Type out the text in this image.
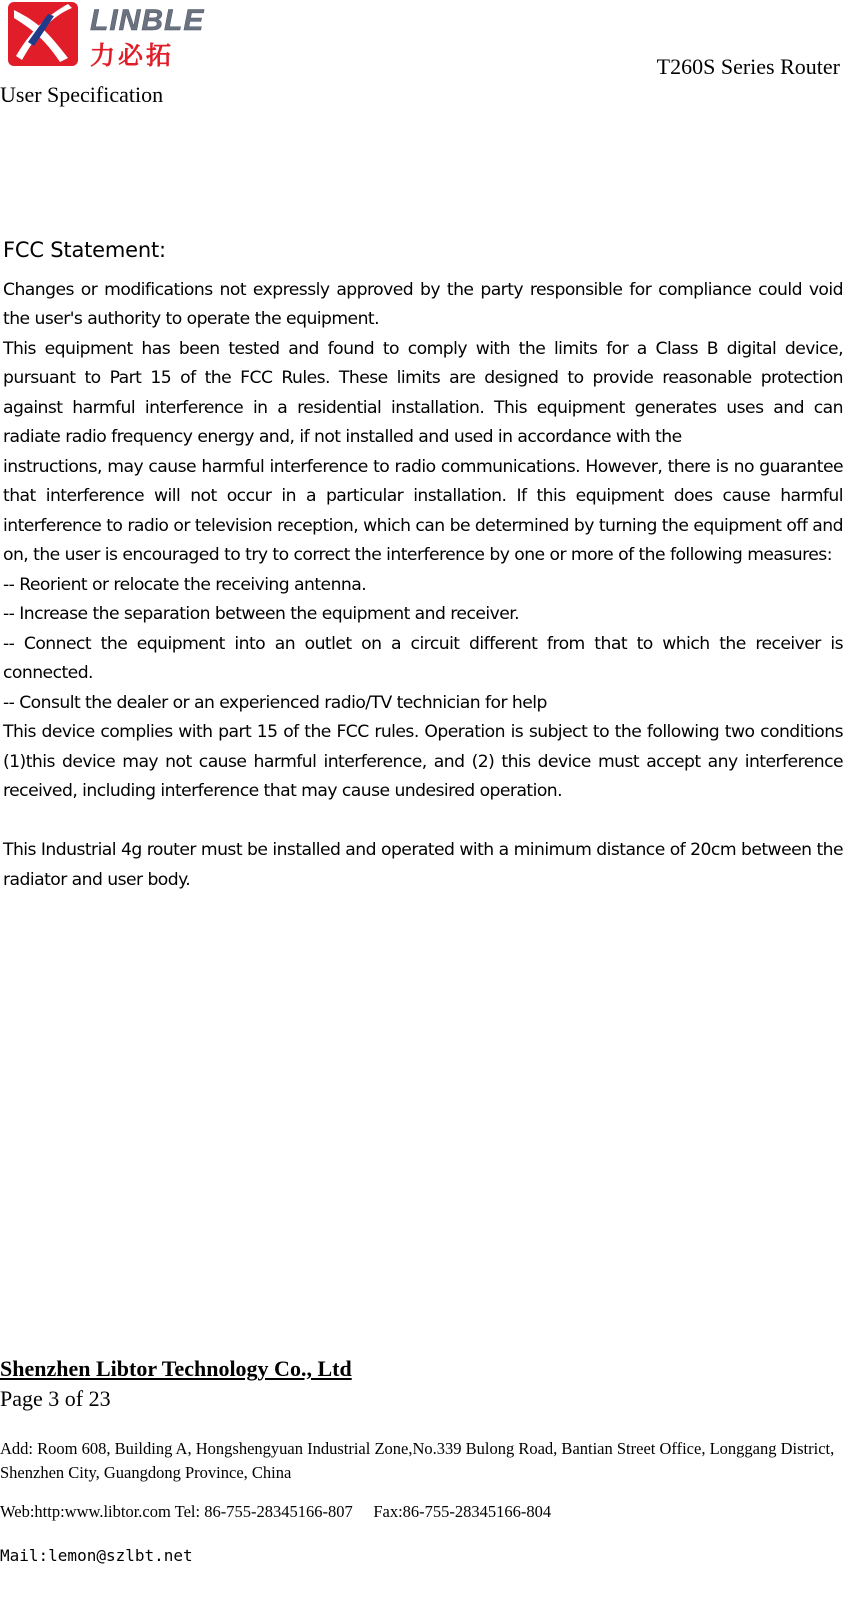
LINBLE
力必拓	T260S Series Router
User Specification
FCC Statement:

Changes or modifications not expressly approved by the party responsible for compliance could void the user's authority to operate the equipment.

This equipment has been tested and found to comply with the limits for a Class B digital device, pursuant to Part 15 of the FCC Rules. These limits are designed to provide reasonable protection against harmful interference in a residential installation. This equipment generates uses and can radiate radio frequency energy and, if not installed and used in accordance with the

instructions, may cause harmful interference to radio communications. However, there is no guarantee that interference will not occur in a particular installation. If this equipment does cause harmful interference to radio or television reception, which can be determined by turning the equipment off and on, the user is encouraged to try to correct the interference by one or more of the following measures:

-- Reorient or relocate the receiving antenna.

-- Increase the separation between the equipment and receiver.

-- Connect the equipment into an outlet on a circuit different from that to which the receiver is connected.

-- Consult the dealer or an experienced radio/TV technician for help

This device complies with part 15 of the FCC rules. Operation is subject to the following two conditions (1)this device may not cause harmful interference, and (2) this device must accept any interference received, including interference that may cause undesired operation.

This Industrial 4g router must be installed and operated with a minimum distance of 20cm between the radiator and user body.

Shenzhen Libtor Technology Co., Ltd
Page 3 of 23
Add: Room 608, Building A, Hongshengyuan Industrial Zone,No.339 Bulong Road, Bantian Street Office, Longgang District, Shenzhen City, Guangdong Province, China
Web:http:www.libtor.com Tel: 86-755-28345166-807     Fax:86-755-28345166-804
Mail:lemon@szlbt.net
